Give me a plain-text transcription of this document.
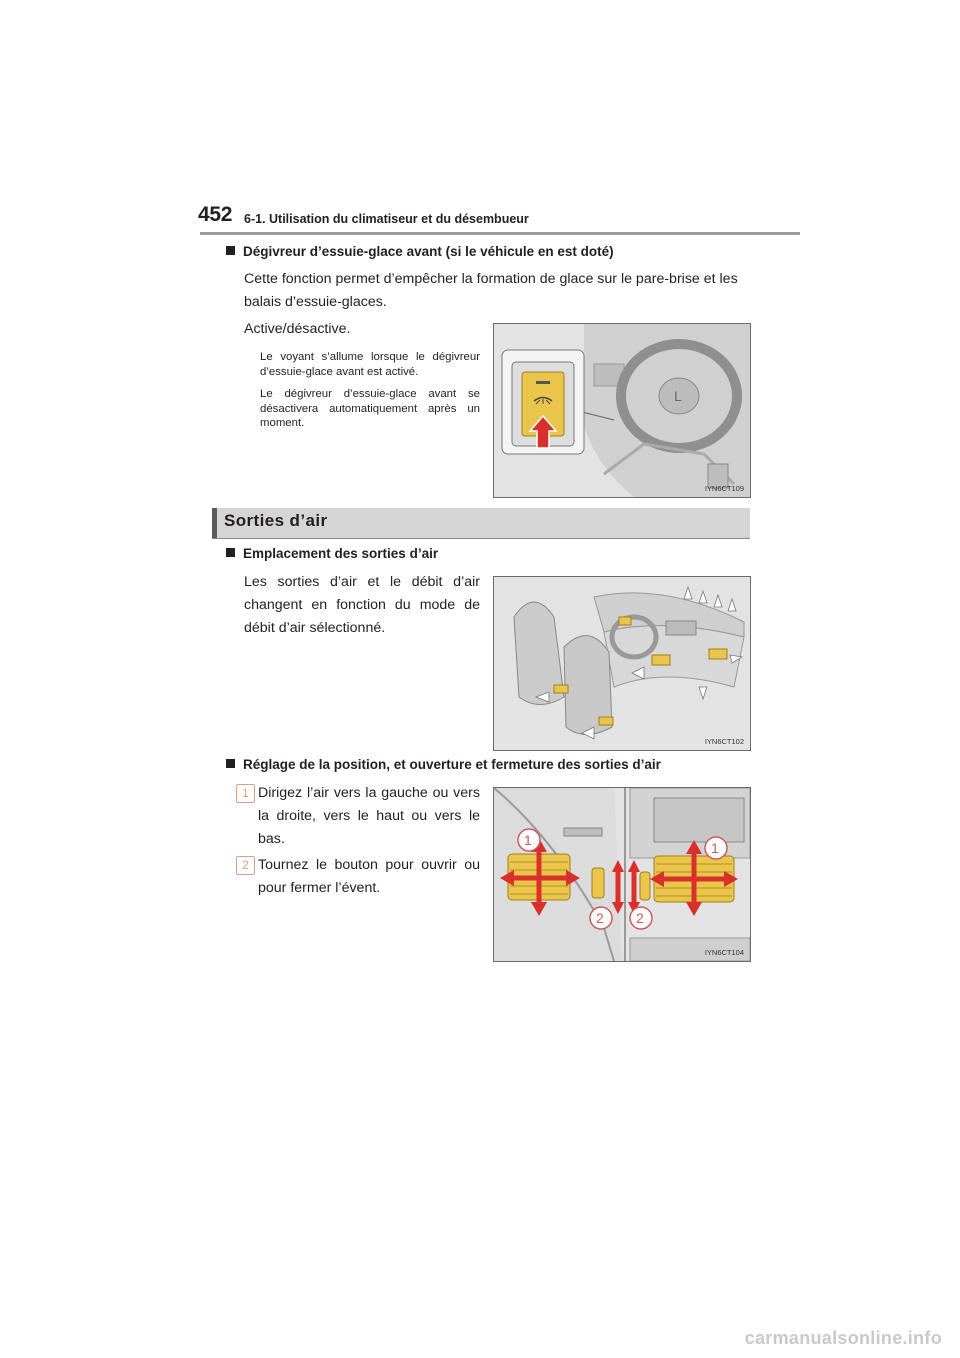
452 6-1. Utilisation du climatiseur et du désembueur
Dégivreur d’essuie-glace avant (si le véhicule en est doté)
Cette fonction permet d’empêcher la formation de glace sur le pare-brise et les balais d’essuie-glaces.
Active/désactive.
Le voyant s’allume lorsque le dégivreur d’essuie-glace avant est activé.
Le dégivreur d’essuie-glace avant se désactivera automatiquement après un moment.
L
IYN6CT109
Sorties d’air
Emplacement des sorties d’air
Les sorties d’air et le débit d’air changent en fonction du mode de débit d’air sélectionné.
IYN6CT102
Réglage de la position, et ouverture et fermeture des sorties d’air
1 Dirigez l’air vers la gauche ou vers la droite, vers le haut ou vers le bas.
2 Tournez le bouton pour ouvrir ou pour fermer l’évent.
1	1
2 2
IYN6CT104
carmanualsonline.info
